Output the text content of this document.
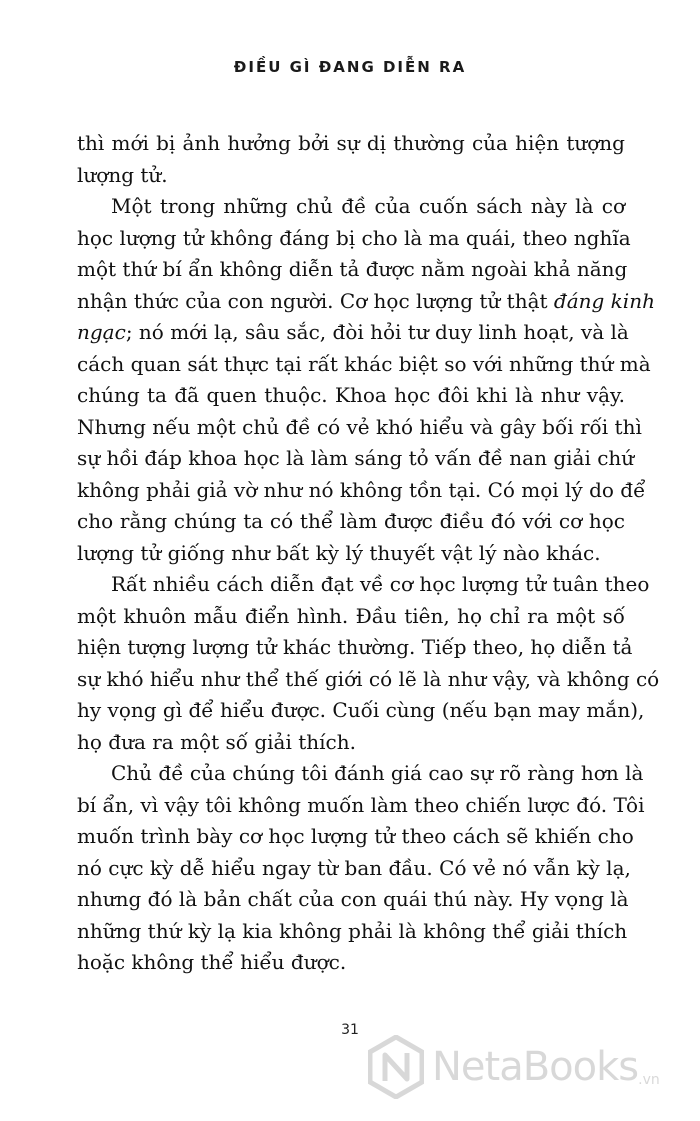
ĐIỀU GÌ ĐANG DIỄN RA

thì mới bị ảnh hưởng bởi sự dị thường của hiện tượng
lượng tử.

Một trong những chủ đề của cuốn sách này là cơ
học lượng tử không đáng bị cho là ma quái, theo nghĩa
một thứ bí ẩn không diễn tả được nằm ngoài khả năng
nhận thức của con người. Cơ học lượng tử thật đáng kinh
ngạc; nó mới lạ, sâu sắc, đòi hỏi tư duy linh hoạt, và là
cách quan sát thực tại rất khác biệt so với những thứ mà
chúng ta đã quen thuộc. Khoa học đôi khi là như vậy.
Nhưng nếu một chủ đề có vẻ khó hiểu và gây bối rối thì
sự hồi đáp khoa học là làm sáng tỏ vấn đề nan giải chứ
không phải giả vờ như nó không tồn tại. Có mọi lý do để
cho rằng chúng ta có thể làm được điều đó với cơ học
lượng tử giống như bất kỳ lý thuyết vật lý nào khác.

Rất nhiều cách diễn đạt về cơ học lượng tử tuân theo
một khuôn mẫu điển hình. Đầu tiên, họ chỉ ra một số
hiện tượng lượng tử khác thường. Tiếp theo, họ diễn tả
sự khó hiểu như thể thế giới có lẽ là như vậy, và không có
hy vọng gì để hiểu được. Cuối cùng (nếu bạn may mắn),
họ đưa ra một số giải thích.

Chủ đề của chúng tôi đánh giá cao sự rõ ràng hơn là
bí ẩn, vì vậy tôi không muốn làm theo chiến lược đó. Tôi
muốn trình bày cơ học lượng tử theo cách sẽ khiến cho
nó cực kỳ dễ hiểu ngay từ ban đầu. Có vẻ nó vẫn kỳ lạ,
nhưng đó là bản chất của con quái thú này. Hy vọng là
những thứ kỳ lạ kia không phải là không thể giải thích
hoặc không thể hiểu được.

31
NetaBooks .vn
